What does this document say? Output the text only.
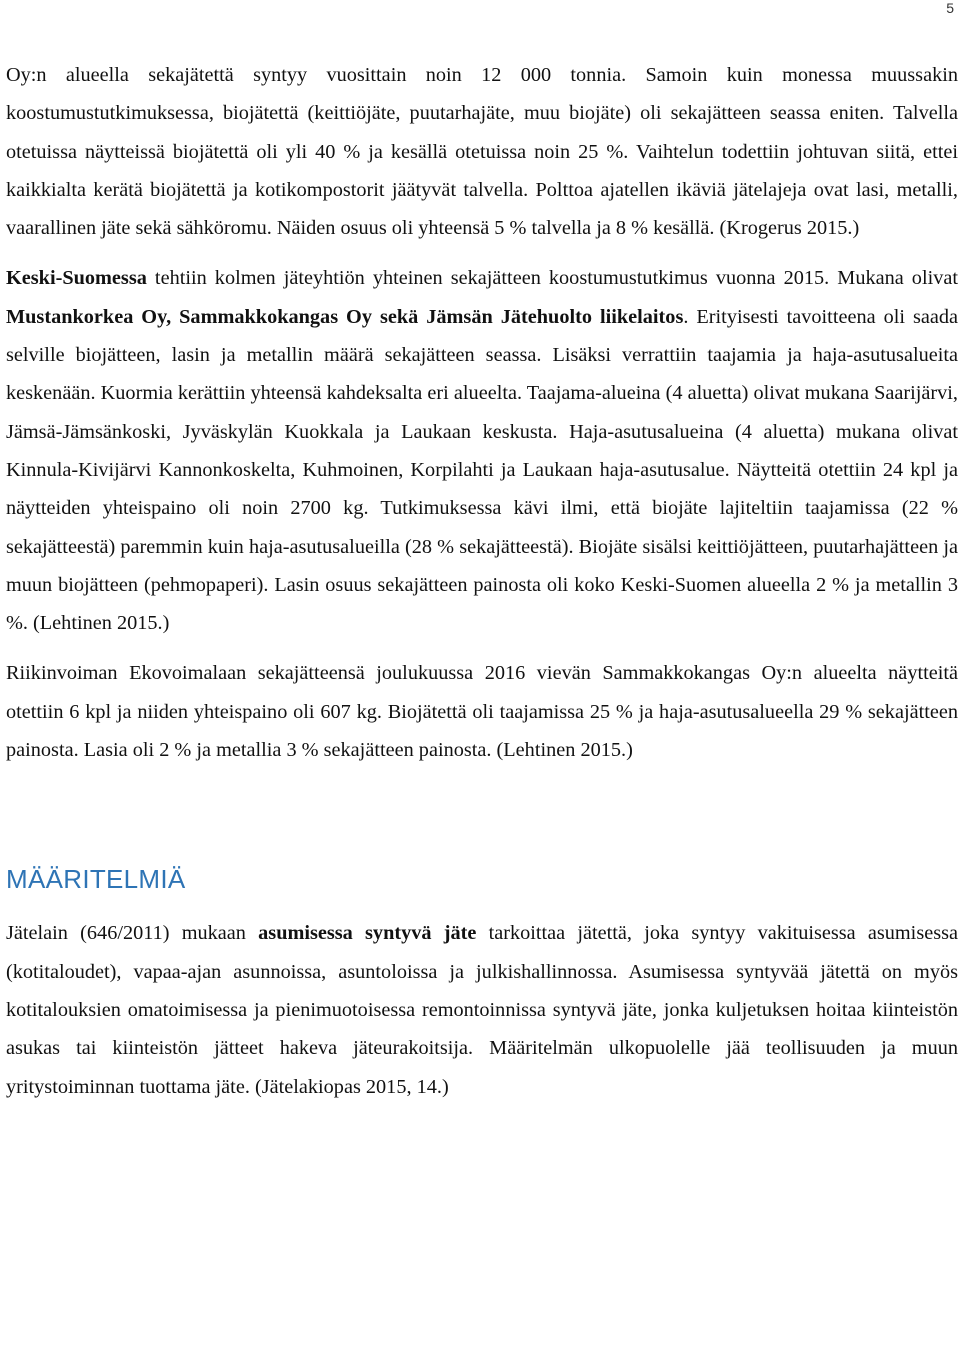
5

Oy:n alueella sekajätettä syntyy vuosittain noin 12 000 tonnia. Samoin kuin monessa muussakin koostumustutkimuksessa, biojätettä (keittiöjäte, puutarhajäte, muu biojäte) oli sekajätteen seassa eniten. Talvella otetuissa näytteissä biojätettä oli yli 40 % ja kesällä otetuissa noin 25 %. Vaihtelun todettiin johtuvan siitä, ettei kaikkialta kerätä biojätettä ja kotikompostorit jäätyvät talvella. Polttoa ajatellen ikäviä jätelajeja ovat lasi, metalli, vaarallinen jäte sekä sähköromu. Näiden osuus oli yhteensä 5 % talvella ja 8 % kesällä. (Krogerus 2015.)

Keski-Suomessa tehtiin kolmen jäteyhtiön yhteinen sekajätteen koostumustutkimus vuonna 2015. Mukana olivat Mustankorkea Oy, Sammakkokangas Oy sekä Jämsän Jätehuolto liikelaitos. Erityisesti tavoitteena oli saada selville biojätteen, lasin ja metallin määrä sekajätteen seassa. Lisäksi verrattiin taajamia ja haja-asutusalueita keskenään. Kuormia kerättiin yhteensä kahdeksalta eri alueelta. Taajama-alueina (4 aluetta) olivat mukana Saarijärvi, Jämsä-Jämsänkoski, Jyväskylän Kuokkala ja Laukaan keskusta. Haja-asutusalueina (4 aluetta) mukana olivat Kinnula-Kivijärvi Kannonkoskelta, Kuhmoinen, Korpilahti ja Laukaan haja-asutusalue. Näytteitä otettiin 24 kpl ja näytteiden yhteispaino oli noin 2700 kg. Tutkimuksessa kävi ilmi, että biojäte lajiteltiin taajamissa (22 % sekajätteestä) paremmin kuin haja-asutusalueilla (28 % sekajätteestä). Biojäte sisälsi keittiöjätteen, puutarhajätteen ja muun biojätteen (pehmopaperi). Lasin osuus sekajätteen painosta oli koko Keski-Suomen alueella 2 % ja metallin 3 %. (Lehtinen 2015.)

Riikinvoiman Ekovoimalaan sekajätteensä joulukuussa 2016 vievän Sammakkokangas Oy:n alueelta näytteitä otettiin 6 kpl ja niiden yhteispaino oli 607 kg. Biojätettä oli taajamissa 25 % ja haja-asutusalueella 29 % sekajätteen painosta. Lasia oli 2 % ja metallia 3 % sekajätteen painosta. (Lehtinen 2015.)

MÄÄRITELMIÄ

Jätelain (646/2011) mukaan asumisessa syntyvä jäte tarkoittaa jätettä, joka syntyy vakituisessa asumisessa (kotitaloudet), vapaa-ajan asunnoissa, asuntoloissa ja julkishallinnossa. Asumisessa syntyvää jätettä on myös kotitalouksien omatoimisessa ja pienimuotoisessa remontoinnissa syntyvä jäte, jonka kuljetuksen hoitaa kiinteistön asukas tai kiinteistön jätteet hakeva jäteurakoitsija. Määritelmän ulkopuolelle jää teollisuuden ja muun yritystoiminnan tuottama jäte. (Jätelakiopas 2015, 14.)
